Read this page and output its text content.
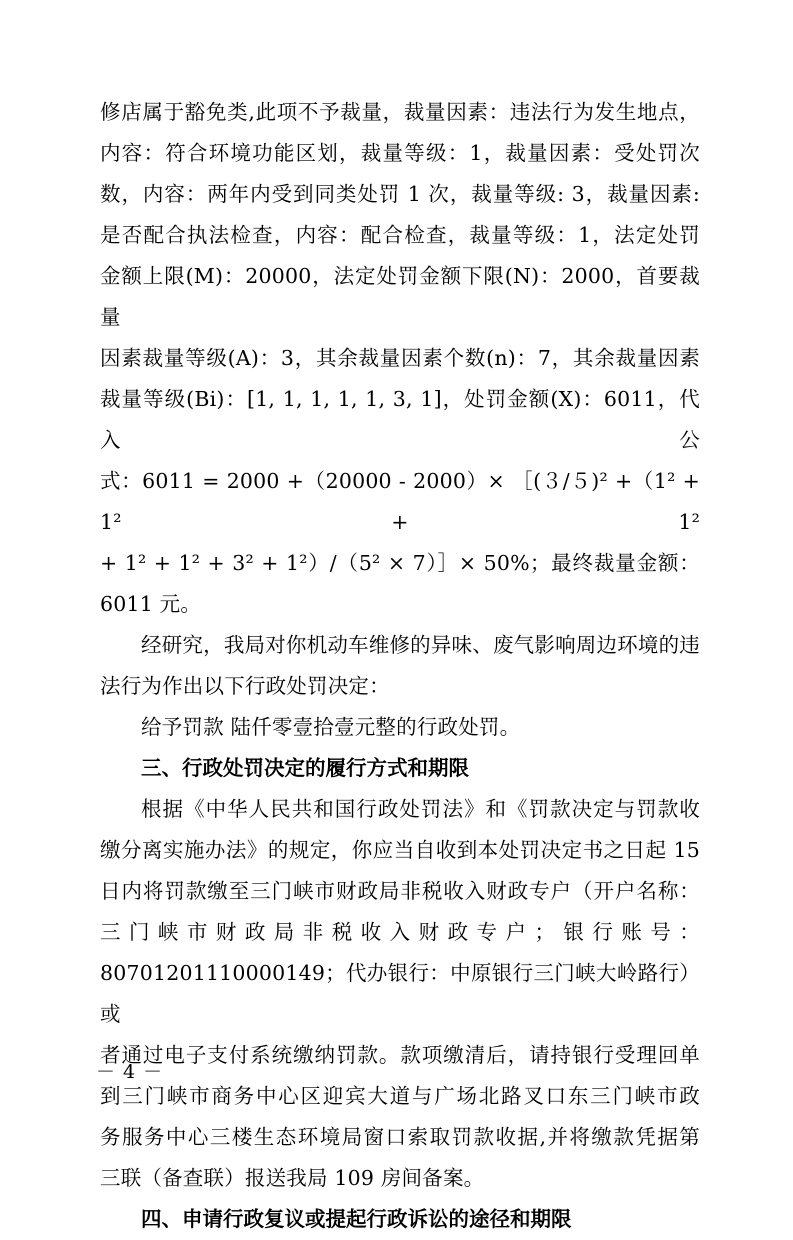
修店属于豁免类,此项不予裁量，裁量因素：违法行为发生地点，
内容：符合环境功能区划，裁量等级：1，裁量因素：受处罚次
数，内容：两年内受到同类处罚 1 次，裁量等级: 3，裁量因素:
是否配合执法检查，内容：配合检查，裁量等级：1，法定处罚
金额上限(M)：20000，法定处罚金额下限(N)：2000，首要裁量
因素裁量等级(A)：3，其余裁量因素个数(n)：7，其余裁量因素
裁量等级(Bi)：[1, 1, 1, 1, 1, 3, 1]，处罚金额(X)：6011，代入公
式：6011 = 2000 +（20000 - 2000）× ［(３/５)² +（1² + 1² + 1²
+ 1² + 1² + 3² + 1²）/（5² × 7）］× 50%；最终裁量金额：
6011 元。

经研究，我局对你机动车维修的异味、废气影响周边环境的违法行为作出以下行政处罚决定：

给予罚款 陆仟零壹拾壹元整的行政处罚。

三、行政处罚决定的履行方式和期限

根据《中华人民共和国行政处罚法》和《罚款决定与罚款收
缴分离实施办法》的规定，你应当自收到本处罚决定书之日起 15
日内将罚款缴至三门峡市财政局非税收入财政专户（开户名称：
三门峡市财政局非税收入财政专户；银行账号：
80701201110000149；代办银行：中原银行三门峡大岭路行）或
者通过电子支付系统缴纳罚款。款项缴清后，请持银行受理回单
到三门峡市商务中心区迎宾大道与广场北路叉口东三门峡市政
务服务中心三楼生态环境局窗口索取罚款收据,并将缴款凭据第
三联（备查联）报送我局 109 房间备案。

四、申请行政复议或提起行政诉讼的途径和期限

－ 4 －
